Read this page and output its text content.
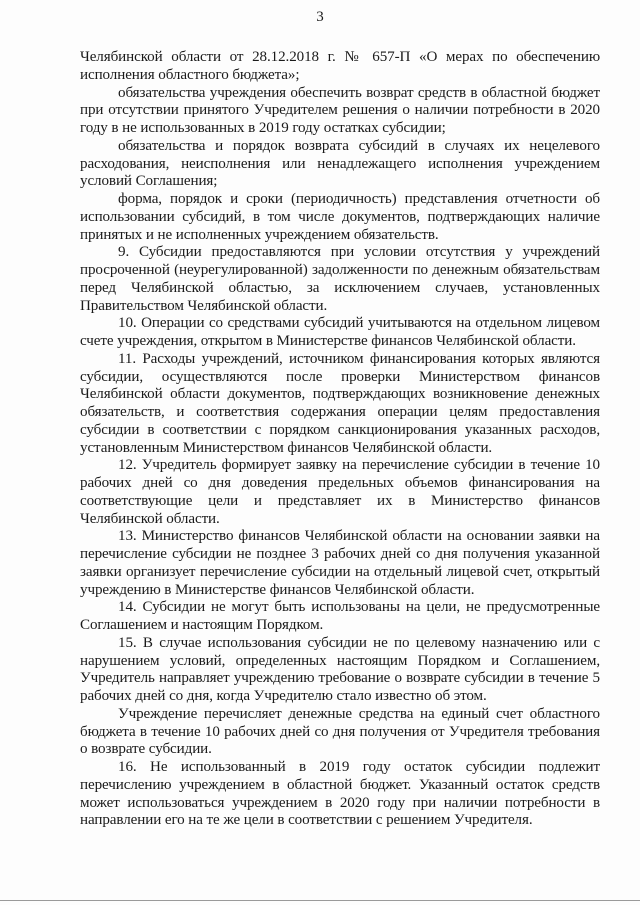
3

Челябинской области от 28.12.2018 г. № 657-П «О мерах по обеспечению исполнения областного бюджета»;

обязательства учреждения обеспечить возврат средств в областной бюджет при отсутствии принятого Учредителем решения о наличии потребности в 2020 году в не использованных в 2019 году остатках субсидии;

обязательства и порядок возврата субсидий в случаях их нецелевого расходования, неисполнения или ненадлежащего исполнения учреждением условий Соглашения;

форма, порядок и сроки (периодичность) представления отчетности об использовании субсидий, в том числе документов, подтверждающих наличие принятых и не исполненных учреждением обязательств.

9. Субсидии предоставляются при условии отсутствия у учреждений просроченной (неурегулированной) задолженности по денежным обязательствам перед Челябинской областью, за исключением случаев, установленных Правительством Челябинской области.

10. Операции со средствами субсидий учитываются на отдельном лицевом счете учреждения, открытом в Министерстве финансов Челябинской области.

11. Расходы учреждений, источником финансирования которых являются субсидии, осуществляются после проверки Министерством финансов Челябинской области документов, подтверждающих возникновение денежных обязательств, и соответствия содержания операции целям предоставления субсидии в соответствии с порядком санкционирования указанных расходов, установленным Министерством финансов Челябинской области.

12. Учредитель формирует заявку на перечисление субсидии в течение 10 рабочих дней со дня доведения предельных объемов финансирования на соответствующие цели и представляет их в Министерство финансов Челябинской области.

13. Министерство финансов Челябинской области на основании заявки на перечисление субсидии не позднее 3 рабочих дней со дня получения указанной заявки организует перечисление субсидии на отдельный лицевой счет, открытый учреждению в Министерстве финансов Челябинской области.

14. Субсидии не могут быть использованы на цели, не предусмотренные Соглашением и настоящим Порядком.

15. В случае использования субсидии не по целевому назначению или с нарушением условий, определенных настоящим Порядком и Соглашением, Учредитель направляет учреждению требование о возврате субсидии в течение 5 рабочих дней со дня, когда Учредителю стало известно об этом.

Учреждение перечисляет денежные средства на единый счет областного бюджета в течение 10 рабочих дней со дня получения от Учредителя требования о возврате субсидии.

16. Не использованный в 2019 году остаток субсидии подлежит перечислению учреждением в областной бюджет. Указанный остаток средств может использоваться учреждением в 2020 году при наличии потребности в направлении его на те же цели в соответствии с решением Учредителя.
